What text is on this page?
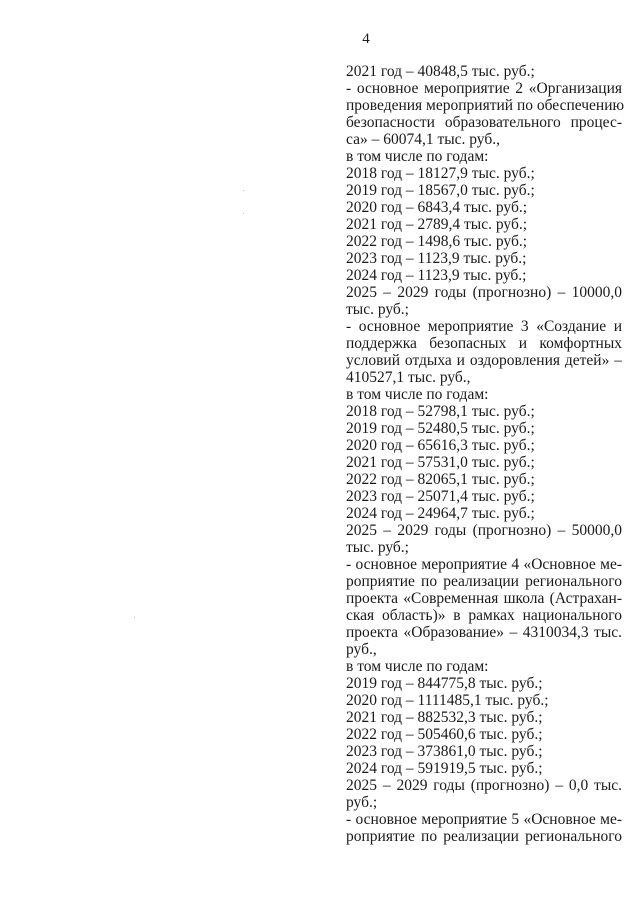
4
2021 год – 40848,5 тыс. руб.;
- основное мероприятие 2 «Организация
проведения мероприятий по обеспечению
безопасности образовательного процес-
са» – 60074,1 тыс. руб.,
в том числе по годам:
2018 год – 18127,9 тыс. руб.;
2019 год – 18567,0 тыс. руб.;
2020 год – 6843,4 тыс. руб.;
2021 год – 2789,4 тыс. руб.;
2022 год – 1498,6 тыс. руб.;
2023 год – 1123,9 тыс. руб.;
2024 год – 1123,9 тыс. руб.;
2025 – 2029 годы (прогнозно) – 10000,0
тыс. руб.;
- основное мероприятие 3 «Создание и
поддержка безопасных и комфортных
условий отдыха и оздоровления детей» –
410527,1 тыс. руб.,
в том числе по годам:
2018 год – 52798,1 тыс. руб.;
2019 год – 52480,5 тыс. руб.;
2020 год – 65616,3 тыс. руб.;
2021 год – 57531,0 тыс. руб.;
2022 год – 82065,1 тыс. руб.;
2023 год – 25071,4 тыс. руб.;
2024 год – 24964,7 тыс. руб.;
2025 – 2029 годы (прогнозно) – 50000,0
тыс. руб.;
- основное мероприятие 4 «Основное ме-
роприятие по реализации регионального
проекта «Современная школа (Астрахан-
ская область)» в рамках национального
проекта «Образование» – 4310034,3 тыс.
руб.,
в том числе по годам:
2019 год – 844775,8 тыс. руб.;
2020 год – 1111485,1 тыс. руб.;
2021 год – 882532,3 тыс. руб.;
2022 год – 505460,6 тыс. руб.;
2023 год – 373861,0 тыс. руб.;
2024 год – 591919,5 тыс. руб.;
2025 – 2029 годы (прогнозно) – 0,0 тыс.
руб.;
- основное мероприятие 5 «Основное ме-
роприятие по реализации регионального
